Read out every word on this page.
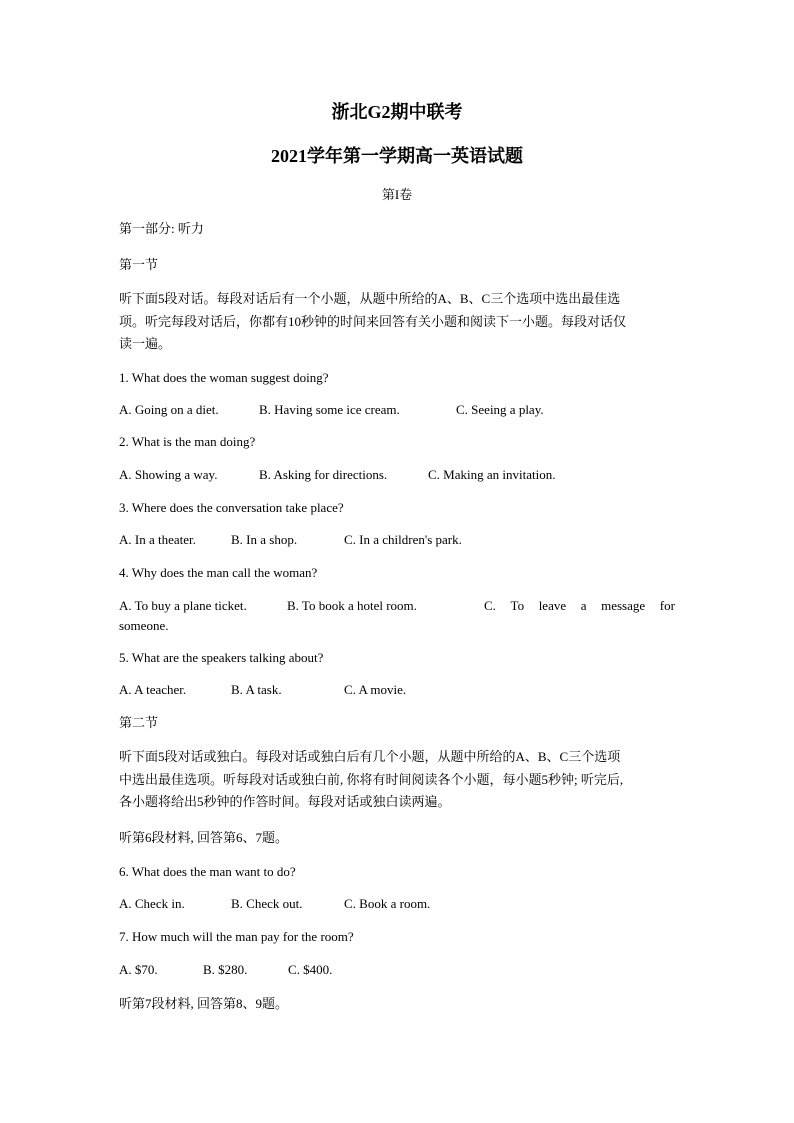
浙北G2期中联考
2021学年第一学期高一英语试题
第I卷
第一部分: 听力
第一节
听下面5段对话。每段对话后有一个小题，从题中所给的A、B、C三个选项中选出最佳选
项。听完每段对话后，你都有10秒钟的时间来回答有关小题和阅读下一小题。每段对话仅
读一遍。
1. What does the woman suggest doing?
A. Going on a diet.	B. Having some ice cream.	C. Seeing a play.
2. What is the man doing?
A. Showing a way.	B. Asking for directions.	C. Making an invitation.
3. Where does the conversation take place?
A. In a theater.	B. In a shop.	C. In a children's park.
4. Why does the man call the woman?
A. To buy a plane ticket.	B. To book a hotel room.	C. To leave a message for
someone.
5. What are the speakers talking about?
A. A teacher.	B. A task.	C. A movie.
第二节
听下面5段对话或独白。每段对话或独白后有几个小题，从题中所给的A、B、C三个选项
中选出最佳选项。听每段对话或独白前, 你将有时间阅读各个小题，每小题5秒钟; 听完后,
各小题将给出5秒钟的作答时间。每段对话或独白读两遍。
听第6段材料, 回答第6、7题。
6. What does the man want to do?
A. Check in.	B. Check out.	C. Book a room.
7. How much will the man pay for the room?
A. $70.	B. $280.	C. $400.
听第7段材料, 回答第8、9题。
